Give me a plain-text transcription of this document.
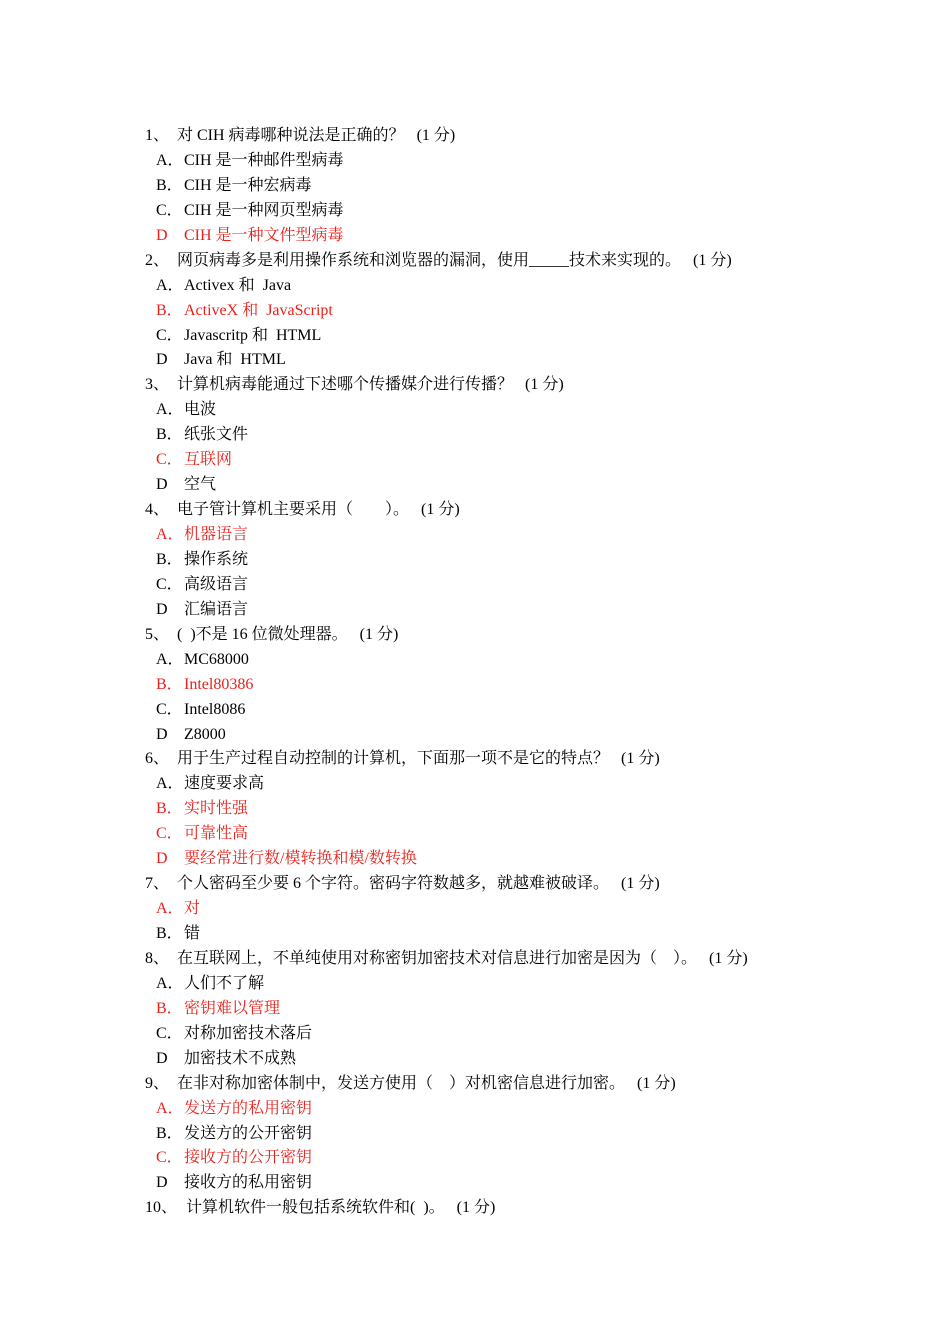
1、 对 CIH 病毒哪种说法是正确的？ (1 分)
A．CIH 是一种邮件型病毒
B．CIH 是一种宏病毒
C．CIH 是一种网页型病毒
D CIH 是一种文件型病毒
2、 网页病毒多是利用操作系统和浏览器的漏洞，使用_____技术来实现的。 (1 分)
A．Activex 和  Java
B．ActiveX 和  JavaScript
C．Javascritp 和  HTML
D Java 和  HTML
3、 计算机病毒能通过下述哪个传播媒介进行传播？ (1 分)
A．电波
B．纸张文件
C．互联网
D 空气
4、 电子管计算机主要采用（　　）。 (1 分)
A．机器语言
B．操作系统
C．高级语言
D 汇编语言
5、 (  )不是 16 位微处理器。 (1 分)
A．MC68000
B．Intel80386
C．Intel8086
D Z8000
6、 用于生产过程自动控制的计算机，下面那一项不是它的特点？ (1 分)
A．速度要求高
B．实时性强
C．可靠性高
D 要经常进行数/模转换和模/数转换
7、 个人密码至少要 6 个字符。密码字符数越多，就越难被破译。 (1 分)
A．对
B．错
8、 在互联网上，不单纯使用对称密钥加密技术对信息进行加密是因为（　）。 (1 分)
A．人们不了解
B．密钥难以管理
C．对称加密技术落后
D 加密技术不成熟
9、 在非对称加密体制中，发送方使用（　）对机密信息进行加密。 (1 分)
A．发送方的私用密钥
B．发送方的公开密钥
C．接收方的公开密钥
D 接收方的私用密钥
10、 计算机软件一般包括系统软件和(  )。 (1 分)
